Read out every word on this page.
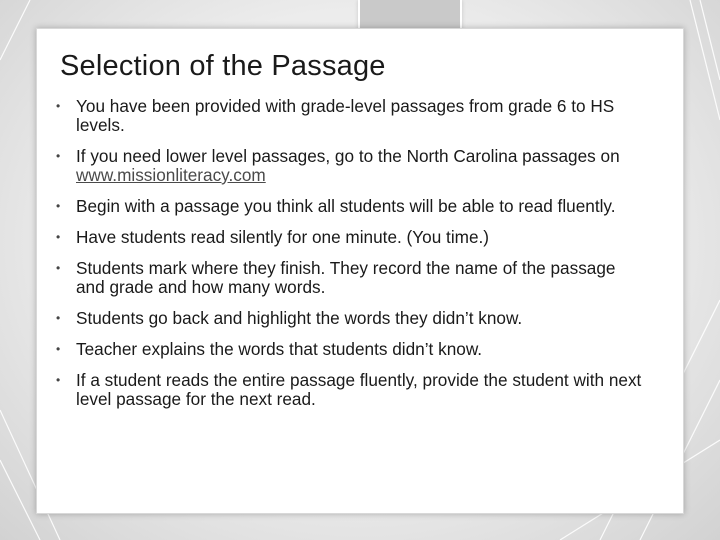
Selection of the Passage
• You have been provided with grade-level passages from grade 6 to HS levels.
• If you need lower level passages, go to the North Carolina passages on www.missionliteracy.com
• Begin with a passage you think all students will be able to read fluently.
• Have students read silently for one minute. (You time.)
• Students mark where they finish. They record the name of the passage and grade and how many words.
• Students go back and highlight the words they didn’t know.
• Teacher explains the words that students didn’t know.
• If a student reads the entire passage fluently, provide the student with next level passage for the next read.
